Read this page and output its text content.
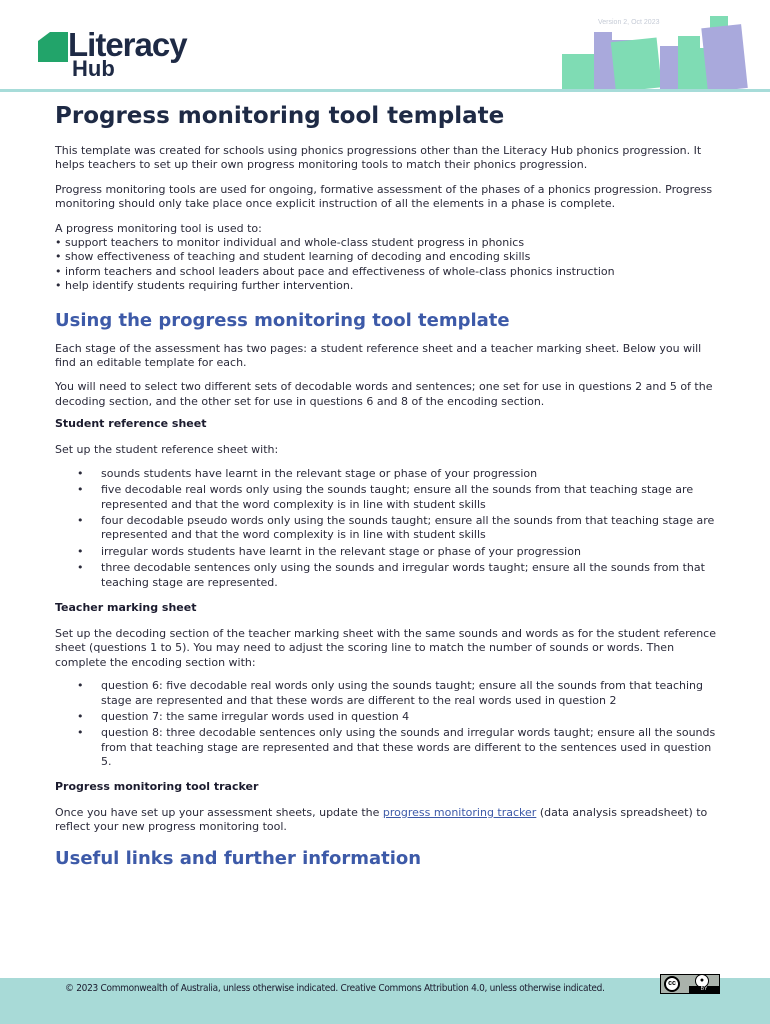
Literacy
Hub
Version 2, Oct 2023
Progress monitoring tool template

This template was created for schools using phonics progressions other than the Literacy Hub phonics progression. It helps teachers to set up their own progress monitoring tools to match their phonics progression.

Progress monitoring tools are used for ongoing, formative assessment of the phases of a phonics progression. Progress monitoring should only take place once explicit instruction of all the elements in a phase is complete.

A progress monitoring tool is used to:

• support teachers to monitor individual and whole-class student progress in phonics
• show effectiveness of teaching and student learning of decoding and encoding skills
• inform teachers and school leaders about pace and effectiveness of whole-class phonics instruction
• help identify students requiring further intervention.
Using the progress monitoring tool template

Each stage of the assessment has two pages: a student reference sheet and a teacher marking sheet. Below you will find an editable template for each.

You will need to select two different sets of decodable words and sentences; one set for use in questions 2 and 5 of the decoding section, and the other set for use in questions 6 and 8 of the encoding section.

Student reference sheet

Set up the student reference sheet with:

• sounds students have learnt in the relevant stage or phase of your progression
• five decodable real words only using the sounds taught; ensure all the sounds from that teaching stage are represented and that the word complexity is in line with student skills
• four decodable pseudo words only using the sounds taught; ensure all the sounds from that teaching stage are represented and that the word complexity is in line with student skills
• irregular words students have learnt in the relevant stage or phase of your progression
• three decodable sentences only using the sounds and irregular words taught; ensure all the sounds from that teaching stage are represented.
Teacher marking sheet

Set up the decoding section of the teacher marking sheet with the same sounds and words as for the student reference sheet (questions 1 to 5). You may need to adjust the scoring line to match the number of sounds or words. Then complete the encoding section with:

• question 6: five decodable real words only using the sounds taught; ensure all the sounds from that teaching stage are represented and that these words are different to the real words used in question 2
• question 7: the same irregular words used in question 4
• question 8: three decodable sentences only using the sounds and irregular words taught; ensure all the sounds from that teaching stage are represented and that these words are different to the sentences used in question 5.
Progress monitoring tool tracker

Once you have set up your assessment sheets, update the progress monitoring tracker (data analysis spreadsheet) to reflect your new progress monitoring tool.

Useful links and further information
© 2023 Commonwealth of Australia, unless otherwise indicated. Creative Commons Attribution 4.0, unless otherwise indicated.	cc	●
BY
